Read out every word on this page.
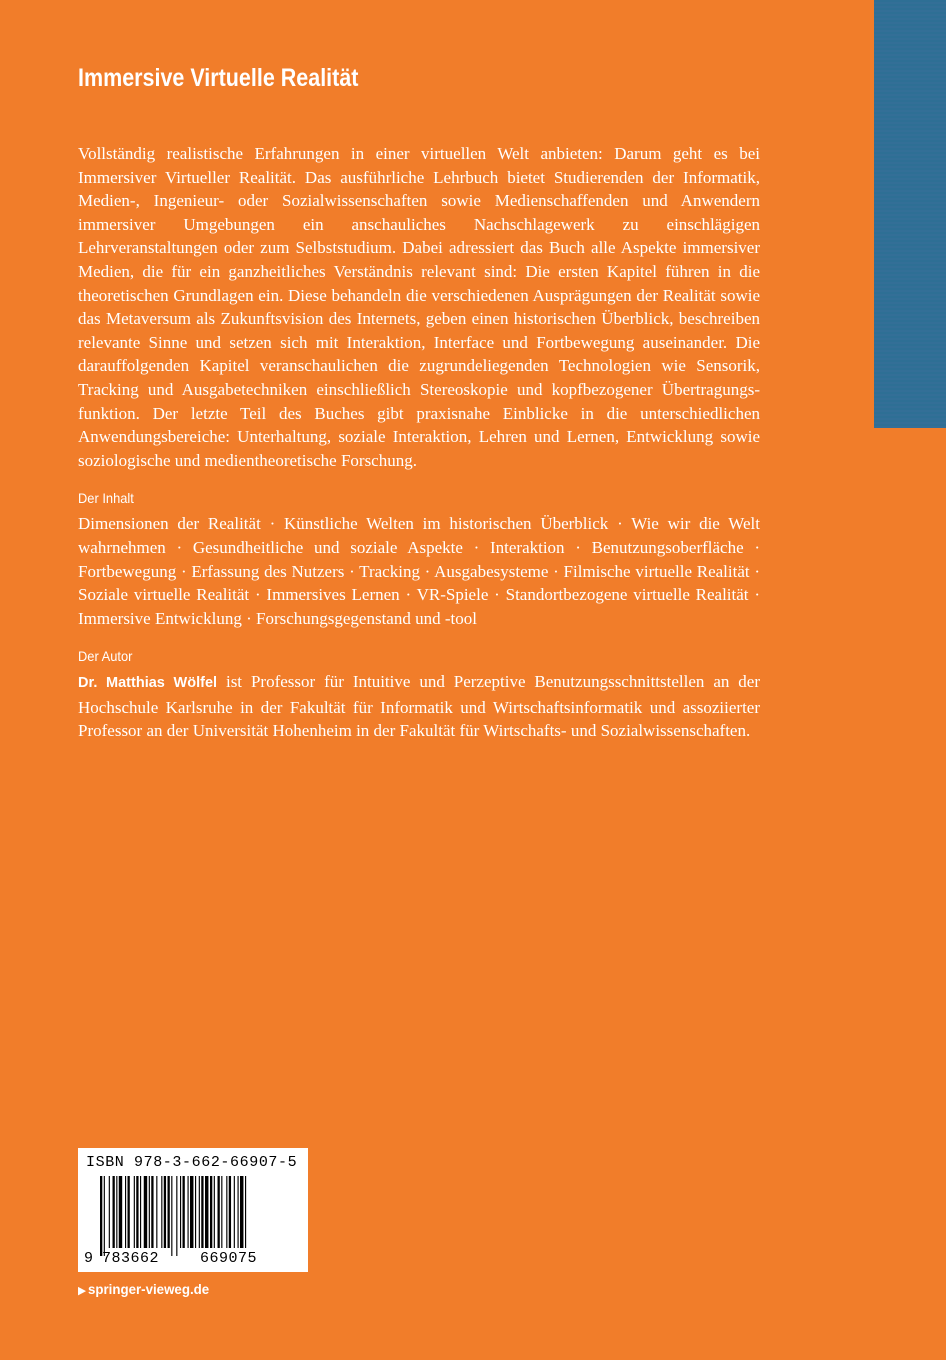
Immersive Virtuelle Realität

Vollständig realistische Erfahrungen in einer virtuellen Welt anbieten: Darum geht es bei Immersiver Virtueller Realität. Das ausführliche Lehrbuch bietet Studierenden der Informatik, Medien-, Ingenieur- oder Sozialwissenschaften sowie Medienschaffenden und Anwendern immersiver Umgebungen ein anschauliches Nachschlagewerk zu einschlägigen Lehrveranstaltungen oder zum Selbststudium. Dabei adressiert das Buch alle Aspekte immersiver Medien, die für ein ganzheitliches Verständnis relevant sind: Die ersten Kapitel führen in die theoretischen Grundlagen ein. Diese behandeln die verschiedenen Ausprägungen der Realität sowie das Metaversum als Zukunftsvision des Internets, geben einen historischen Überblick, beschreiben relevante Sinne und setzen sich mit Interaktion, Interface und Fortbewegung auseinander. Die darauffolgenden Kapitel veranschaulichen die zugrundeliegenden Technologien wie Sensorik, Tracking und Ausgabetechniken einschließlich Stereoskopie und kopfbezogener Übertragungsfunktion. Der letzte Teil des Buches gibt praxisnahe Einblicke in die unterschiedlichen Anwendungsbereiche: Unterhaltung, soziale Interaktion, Lehren und Lernen, Entwicklung sowie soziologische und medientheoretische Forschung.

Der Inhalt

Dimensionen der Realität · Künstliche Welten im historischen Überblick · Wie wir die Welt wahrnehmen · Gesundheitliche und soziale Aspekte · Interaktion · Benutzungsoberfläche · Fortbewegung · Erfassung des Nutzers · Tracking · Ausgabesysteme · Filmische virtuelle Realität · Soziale virtuelle Realität · Immersives Lernen · VR-Spiele · Standortbezogene virtuelle Realität · Immersive Entwicklung · Forschungsgegenstand und -tool

Der Autor

Dr. Matthias Wölfel ist Professor für Intuitive und Perzeptive Benutzungsschnittstellen an der Hochschule Karlsruhe in der Fakultät für Informatik und Wirtschaftsinformatik und assoziierter Professor an der Universität Hohenheim in der Fakultät für Wirtschafts- und Sozialwissenschaften.

ISBN 978-3-662-66907-5
9 783662	669075
▶ springer-vieweg.de
